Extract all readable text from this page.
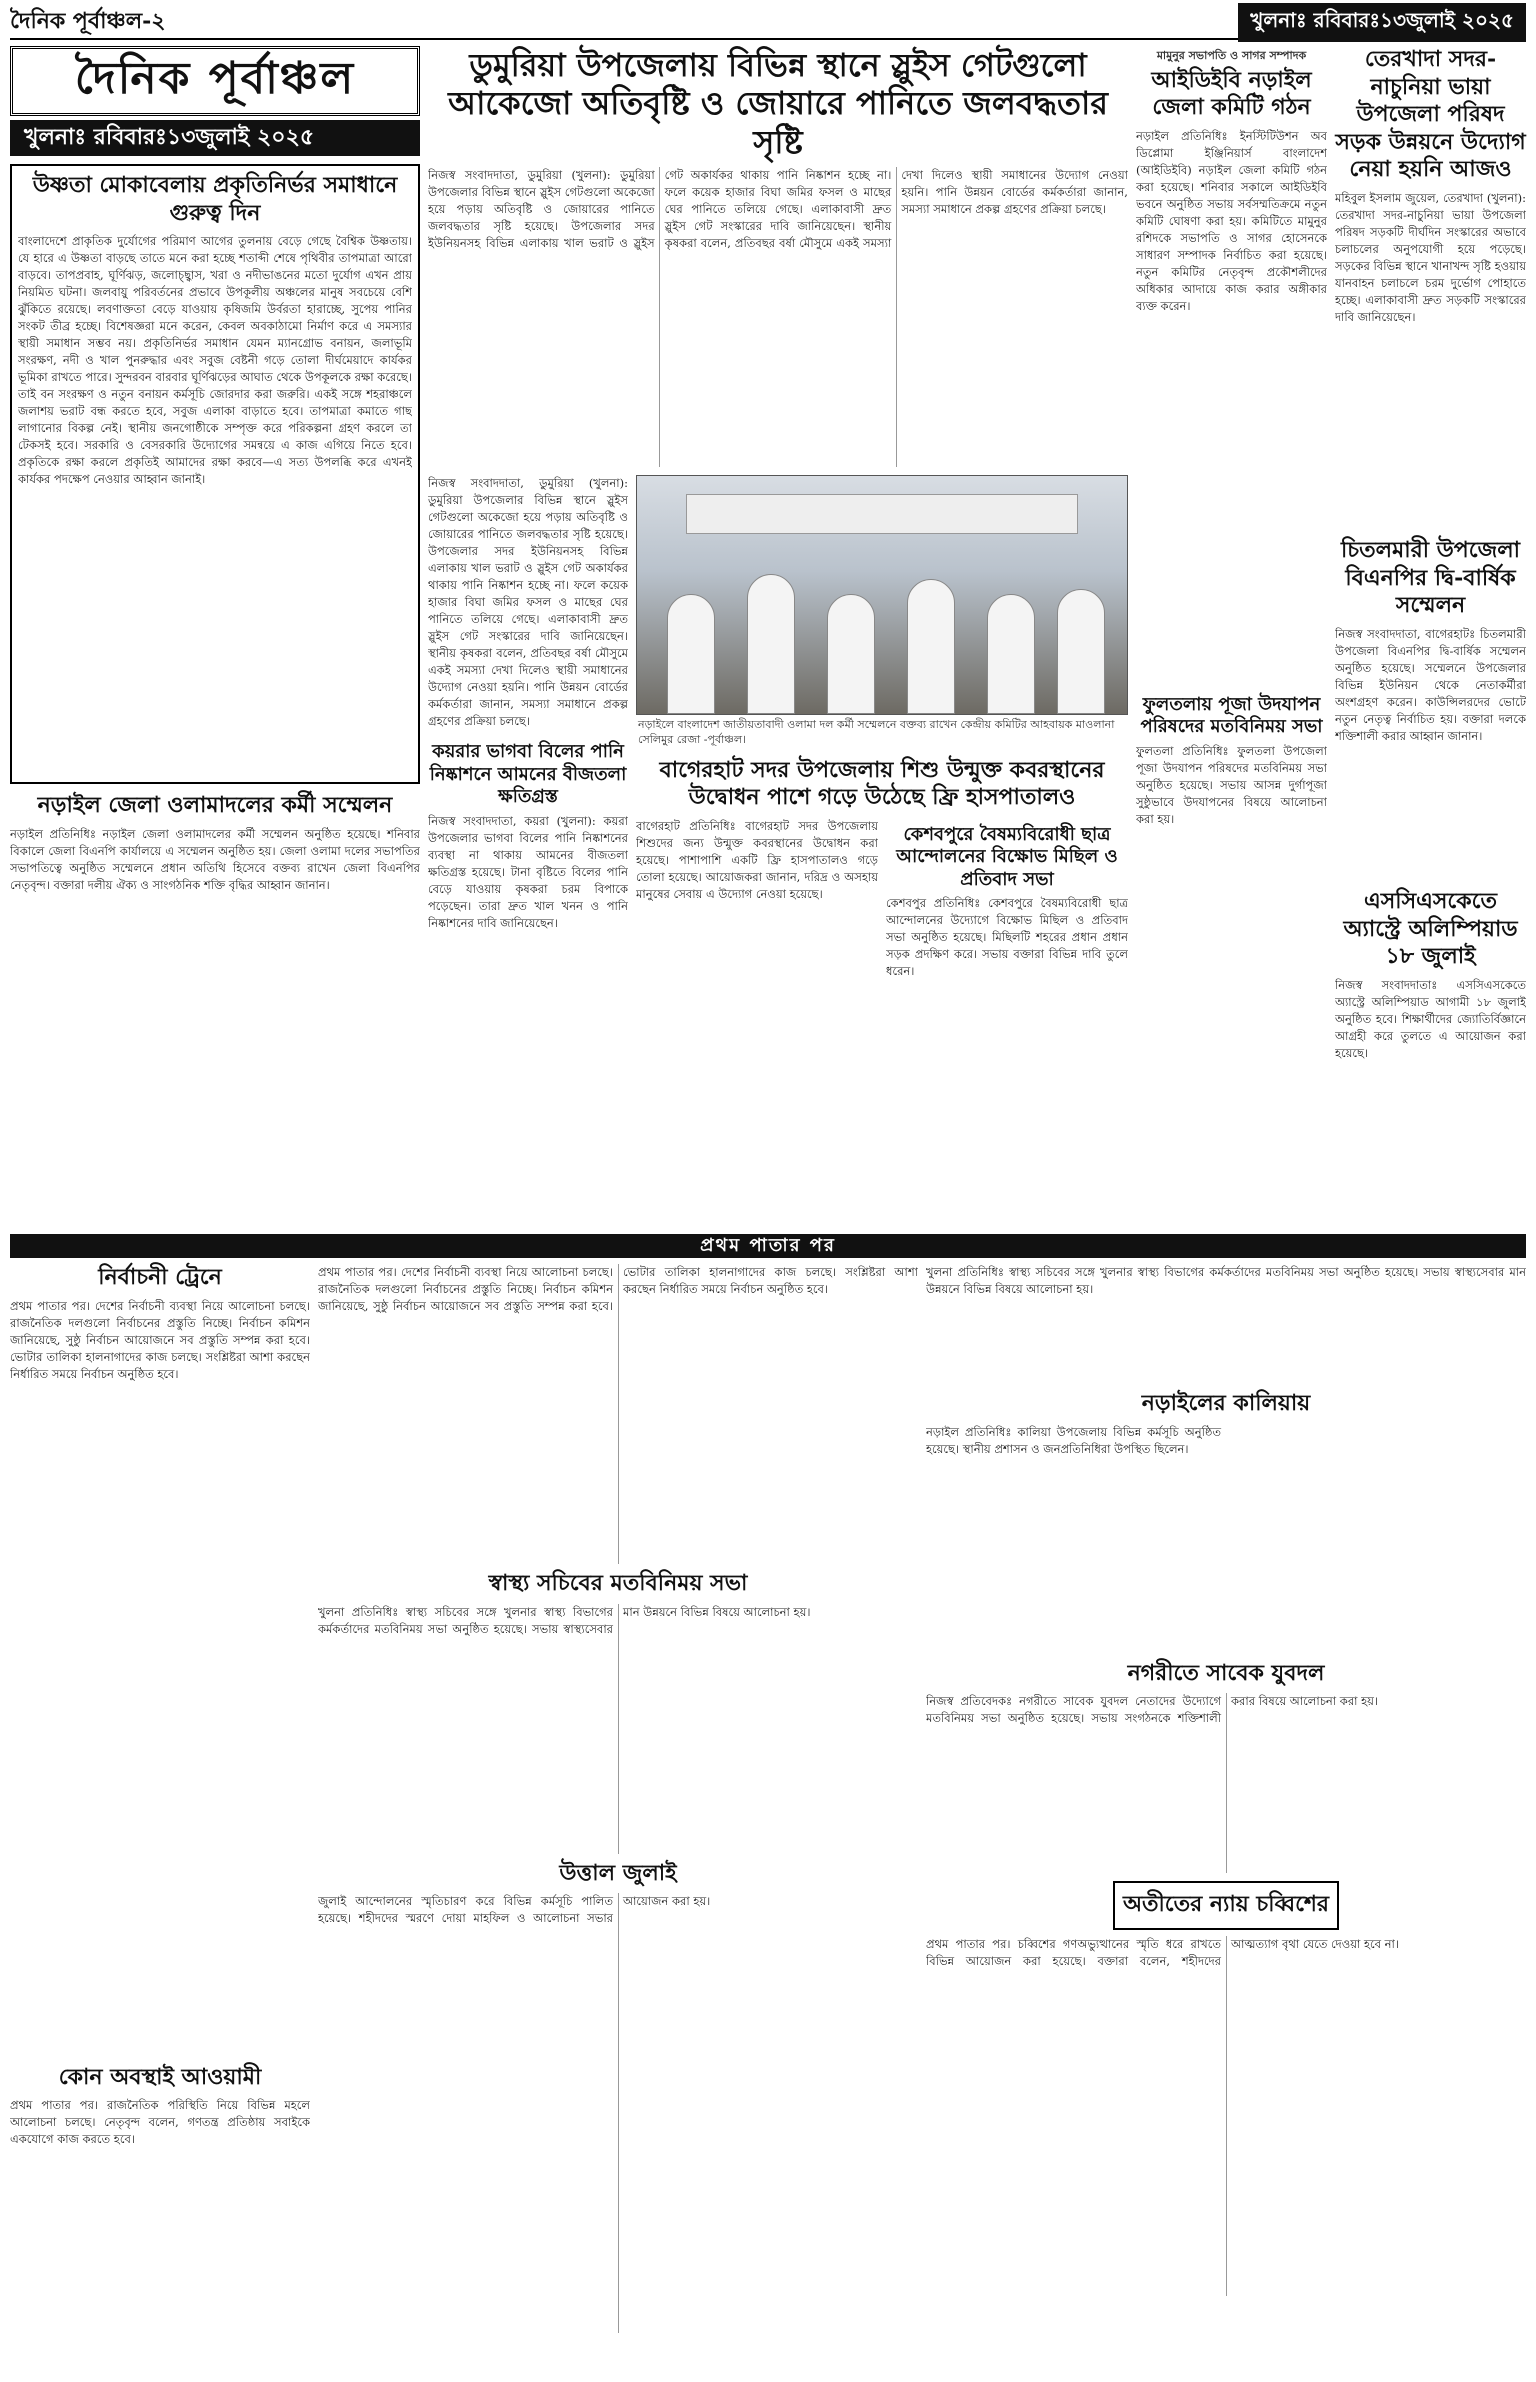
দৈনিক পূর্বাঞ্চল-২	খুলনাঃ রবিবারঃ১৩জুলাই ২০২৫
দৈনিক পূর্বাঞ্চল
খুলনাঃ রবিবারঃ১৩জুলাই ২০২৫
উষ্ণতা মোকাবেলায় প্রকৃতিনির্ভর সমাধানে গুরুত্ব দিন
বাংলাদেশে প্রাকৃতিক দুর্যোগের পরিমাণ আগের তুলনায় বেড়ে গেছে বৈশ্বিক উষ্ণতায়। যে হারে এ উষ্ণতা বাড়ছে তাতে মনে করা হচ্ছে শতাব্দী শেষে পৃথিবীর তাপমাত্রা আরো বাড়বে। তাপপ্রবাহ, ঘূর্ণিঝড়, জলোচ্ছ্বাস, খরা ও নদীভাঙনের মতো দুর্যোগ এখন প্রায় নিয়মিত ঘটনা। জলবায়ু পরিবর্তনের প্রভাবে উপকূলীয় অঞ্চলের মানুষ সবচেয়ে বেশি ঝুঁকিতে রয়েছে। লবণাক্ততা বেড়ে যাওয়ায় কৃষিজমি উর্বরতা হারাচ্ছে, সুপেয় পানির সংকট তীব্র হচ্ছে। বিশেষজ্ঞরা মনে করেন, কেবল অবকাঠামো নির্মাণ করে এ সমস্যার স্থায়ী সমাধান সম্ভব নয়। প্রকৃতিনির্ভর সমাধান যেমন ম্যানগ্রোভ বনায়ন, জলাভূমি সংরক্ষণ, নদী ও খাল পুনরুদ্ধার এবং সবুজ বেষ্টনী গড়ে তোলা দীর্ঘমেয়াদে কার্যকর ভূমিকা রাখতে পারে। সুন্দরবন বারবার ঘূর্ণিঝড়ের আঘাত থেকে উপকূলকে রক্ষা করেছে। তাই বন সংরক্ষণ ও নতুন বনায়ন কর্মসূচি জোরদার করা জরুরি। একই সঙ্গে শহরাঞ্চলে জলাশয় ভরাট বন্ধ করতে হবে, সবুজ এলাকা বাড়াতে হবে। তাপমাত্রা কমাতে গাছ লাগানোর বিকল্প নেই। স্থানীয় জনগোষ্ঠীকে সম্পৃক্ত করে পরিকল্পনা গ্রহণ করলে তা টেকসই হবে। সরকারি ও বেসরকারি উদ্যোগের সমন্বয়ে এ কাজ এগিয়ে নিতে হবে। প্রকৃতিকে রক্ষা করলে প্রকৃতিই আমাদের রক্ষা করবে—এ সত্য উপলব্ধি করে এখনই কার্যকর পদক্ষেপ নেওয়ার আহ্বান জানাই।
নড়াইল জেলা ওলামাদলের কর্মী সম্মেলন
নড়াইল প্রতিনিধিঃ নড়াইল জেলা ওলামাদলের কর্মী সম্মেলন অনুষ্ঠিত হয়েছে। শনিবার বিকালে জেলা বিএনপি কার্যালয়ে এ সম্মেলন অনুষ্ঠিত হয়। জেলা ওলামা দলের সভাপতির সভাপতিত্বে অনুষ্ঠিত সম্মেলনে প্রধান অতিথি হিসেবে বক্তব্য রাখেন জেলা বিএনপির নেতৃবৃন্দ। বক্তারা দলীয় ঐক্য ও সাংগঠনিক শক্তি বৃদ্ধির আহ্বান জানান।
ডুমুরিয়া উপজেলায় বিভিন্ন স্থানে স্লুইস গেটগুলো আকেজো অতিবৃষ্টি ও জোয়ারে পানিতে জলবদ্ধতার সৃষ্টি
নিজস্ব সংবাদদাতা, ডুমুরিয়া (খুলনা): ডুমুরিয়া উপজেলার বিভিন্ন স্থানে স্লুইস গেটগুলো অকেজো হয়ে পড়ায় অতিবৃষ্টি ও জোয়ারের পানিতে জলবদ্ধতার সৃষ্টি হয়েছে। উপজেলার সদর ইউনিয়নসহ বিভিন্ন এলাকায় খাল ভরাট ও স্লুইস গেট অকার্যকর থাকায় পানি নিষ্কাশন হচ্ছে না। ফলে কয়েক হাজার বিঘা জমির ফসল ও মাছের ঘের পানিতে তলিয়ে গেছে। এলাকাবাসী দ্রুত স্লুইস গেট সংস্কারের দাবি জানিয়েছেন। স্থানীয় কৃষকরা বলেন, প্রতিবছর বর্ষা মৌসুমে একই সমস্যা দেখা দিলেও স্থায়ী সমাধানের উদ্যোগ নেওয়া হয়নি। পানি উন্নয়ন বোর্ডের কর্মকর্তারা জানান, সমস্যা সমাধানে প্রকল্প গ্রহণের প্রক্রিয়া চলছে।
নিজস্ব সংবাদদাতা, ডুমুরিয়া (খুলনা): ডুমুরিয়া উপজেলার বিভিন্ন স্থানে স্লুইস গেটগুলো অকেজো হয়ে পড়ায় অতিবৃষ্টি ও জোয়ারের পানিতে জলবদ্ধতার সৃষ্টি হয়েছে। উপজেলার সদর ইউনিয়নসহ বিভিন্ন এলাকায় খাল ভরাট ও স্লুইস গেট অকার্যকর থাকায় পানি নিষ্কাশন হচ্ছে না। ফলে কয়েক হাজার বিঘা জমির ফসল ও মাছের ঘের পানিতে তলিয়ে গেছে। এলাকাবাসী দ্রুত স্লুইস গেট সংস্কারের দাবি জানিয়েছেন। স্থানীয় কৃষকরা বলেন, প্রতিবছর বর্ষা মৌসুমে একই সমস্যা দেখা দিলেও স্থায়ী সমাধানের উদ্যোগ নেওয়া হয়নি। পানি উন্নয়ন বোর্ডের কর্মকর্তারা জানান, সমস্যা সমাধানে প্রকল্প গ্রহণের প্রক্রিয়া চলছে।
কয়রার ভাগবা বিলের পানি নিষ্কাশনে আমনের বীজতলা ক্ষতিগ্রস্ত
নিজস্ব সংবাদদাতা, কয়রা (খুলনা): কয়রা উপজেলার ভাগবা বিলের পানি নিষ্কাশনের ব্যবস্থা না থাকায় আমনের বীজতলা ক্ষতিগ্রস্ত হয়েছে। টানা বৃষ্টিতে বিলের পানি বেড়ে যাওয়ায় কৃষকরা চরম বিপাকে পড়েছেন। তারা দ্রুত খাল খনন ও পানি নিষ্কাশনের দাবি জানিয়েছেন।
নড়াইলে বাংলাদেশ জাতীয়তাবাদী ওলামা দল কর্মী সম্মেলনে বক্তব্য রাখেন কেন্দ্রীয় কমিটির আহবায়ক মাওলানা সেলিমুর রেজা -পূর্বাঞ্চল।
বাগেরহাট সদর উপজেলায় শিশু উন্মুক্ত কবরস্থানের উদ্বোধন পাশে গড়ে উঠেছে ফ্রি হাসপাতালও
বাগেরহাট প্রতিনিধিঃ বাগেরহাট সদর উপজেলায় শিশুদের জন্য উন্মুক্ত কবরস্থানের উদ্বোধন করা হয়েছে। পাশাপাশি একটি ফ্রি হাসপাতালও গড়ে তোলা হয়েছে। আয়োজকরা জানান, দরিদ্র ও অসহায় মানুষের সেবায় এ উদ্যোগ নেওয়া হয়েছে।
কেশবপুরে বৈষম্যবিরোধী ছাত্র আন্দোলনের বিক্ষোভ মিছিল ও প্রতিবাদ সভা
কেশবপুর প্রতিনিধিঃ কেশবপুরে বৈষম্যবিরোধী ছাত্র আন্দোলনের উদ্যোগে বিক্ষোভ মিছিল ও প্রতিবাদ সভা অনুষ্ঠিত হয়েছে। মিছিলটি শহরের প্রধান প্রধান সড়ক প্রদক্ষিণ করে। সভায় বক্তারা বিভিন্ন দাবি তুলে ধরেন।
মামুনুর সভাপতি ও সাগর সম্পাদক
আইডিইবি নড়াইল জেলা কমিটি গঠন
নড়াইল প্রতিনিধিঃ ইনস্টিটিউশন অব ডিপ্লোমা ইঞ্জিনিয়ার্স বাংলাদেশ (আইডিইবি) নড়াইল জেলা কমিটি গঠন করা হয়েছে। শনিবার সকালে আইডিইবি ভবনে অনুষ্ঠিত সভায় সর্বসম্মতিক্রমে নতুন কমিটি ঘোষণা করা হয়। কমিটিতে মামুনুর রশিদকে সভাপতি ও সাগর হোসেনকে সাধারণ সম্পাদক নির্বাচিত করা হয়েছে। নতুন কমিটির নেতৃবৃন্দ প্রকৌশলীদের অধিকার আদায়ে কাজ করার অঙ্গীকার ব্যক্ত করেন।
ফুলতলায় পূজা উদযাপন পরিষদের মতবিনিময় সভা
ফুলতলা প্রতিনিধিঃ ফুলতলা উপজেলা পূজা উদযাপন পরিষদের মতবিনিময় সভা অনুষ্ঠিত হয়েছে। সভায় আসন্ন দুর্গাপূজা সুষ্ঠুভাবে উদযাপনের বিষয়ে আলোচনা করা হয়।
তেরখাদা সদর-নাচুনিয়া ভায়া উপজেলা পরিষদ সড়ক উন্নয়নে উদ্যোগ নেয়া হয়নি আজও
মহিবুল ইসলাম জুয়েল, তেরখাদা (খুলনা): তেরখাদা সদর-নাচুনিয়া ভায়া উপজেলা পরিষদ সড়কটি দীর্ঘদিন সংস্কারের অভাবে চলাচলের অনুপযোগী হয়ে পড়েছে। সড়কের বিভিন্ন স্থানে খানাখন্দ সৃষ্টি হওয়ায় যানবাহন চলাচলে চরম দুর্ভোগ পোহাতে হচ্ছে। এলাকাবাসী দ্রুত সড়কটি সংস্কারের দাবি জানিয়েছেন।
চিতলমারী উপজেলা বিএনপির দ্বি-বার্ষিক সম্মেলন
নিজস্ব সংবাদদাতা, বাগেরহাটঃ চিতলমারী উপজেলা বিএনপির দ্বি-বার্ষিক সম্মেলন অনুষ্ঠিত হয়েছে। সম্মেলনে উপজেলার বিভিন্ন ইউনিয়ন থেকে নেতাকর্মীরা অংশগ্রহণ করেন। কাউন্সিলরদের ভোটে নতুন নেতৃত্ব নির্বাচিত হয়। বক্তারা দলকে শক্তিশালী করার আহ্বান জানান।
এসসিএসকেতে অ্যাস্ট্রে অলিম্পিয়াড ১৮ জুলাই
নিজস্ব সংবাদদাতাঃ এসসিএসকেতে অ্যাস্ট্রে অলিম্পিয়াড আগামী ১৮ জুলাই অনুষ্ঠিত হবে। শিক্ষার্থীদের জ্যোতির্বিজ্ঞানে আগ্রহী করে তুলতে এ আয়োজন করা হয়েছে।
প্রথম পাতার পর
নির্বাচনী ট্রেনে
প্রথম পাতার পর। দেশের নির্বাচনী ব্যবস্থা নিয়ে আলোচনা চলছে। রাজনৈতিক দলগুলো নির্বাচনের প্রস্তুতি নিচ্ছে। নির্বাচন কমিশন জানিয়েছে, সুষ্ঠু নির্বাচন আয়োজনে সব প্রস্তুতি সম্পন্ন করা হবে। ভোটার তালিকা হালনাগাদের কাজ চলছে। সংশ্লিষ্টরা আশা করছেন নির্ধারিত সময়ে নির্বাচন অনুষ্ঠিত হবে।
কোন অবস্থাই আওয়ামী
প্রথম পাতার পর। রাজনৈতিক পরিস্থিতি নিয়ে বিভিন্ন মহলে আলোচনা চলছে। নেতৃবৃন্দ বলেন, গণতন্ত্র প্রতিষ্ঠায় সবাইকে একযোগে কাজ করতে হবে।
প্রথম পাতার পর। দেশের নির্বাচনী ব্যবস্থা নিয়ে আলোচনা চলছে। রাজনৈতিক দলগুলো নির্বাচনের প্রস্তুতি নিচ্ছে। নির্বাচন কমিশন জানিয়েছে, সুষ্ঠু নির্বাচন আয়োজনে সব প্রস্তুতি সম্পন্ন করা হবে। ভোটার তালিকা হালনাগাদের কাজ চলছে। সংশ্লিষ্টরা আশা করছেন নির্ধারিত সময়ে নির্বাচন অনুষ্ঠিত হবে।
স্বাস্থ্য সচিবের মতবিনিময় সভা
খুলনা প্রতিনিধিঃ স্বাস্থ্য সচিবের সঙ্গে খুলনার স্বাস্থ্য বিভাগের কর্মকর্তাদের মতবিনিময় সভা অনুষ্ঠিত হয়েছে। সভায় স্বাস্থ্যসেবার মান উন্নয়নে বিভিন্ন বিষয়ে আলোচনা হয়।
উত্তাল জুলাই
জুলাই আন্দোলনের স্মৃতিচারণ করে বিভিন্ন কর্মসূচি পালিত হয়েছে। শহীদদের স্মরণে দোয়া মাহফিল ও আলোচনা সভার আয়োজন করা হয়।
খুলনা প্রতিনিধিঃ স্বাস্থ্য সচিবের সঙ্গে খুলনার স্বাস্থ্য বিভাগের কর্মকর্তাদের মতবিনিময় সভা অনুষ্ঠিত হয়েছে। সভায় স্বাস্থ্যসেবার মান উন্নয়নে বিভিন্ন বিষয়ে আলোচনা হয়।
নড়াইলের কালিয়ায়
নড়াইল প্রতিনিধিঃ কালিয়া উপজেলায় বিভিন্ন কর্মসূচি অনুষ্ঠিত হয়েছে। স্থানীয় প্রশাসন ও জনপ্রতিনিধিরা উপস্থিত ছিলেন।
নগরীতে সাবেক যুবদল
নিজস্ব প্রতিবেদকঃ নগরীতে সাবেক যুবদল নেতাদের উদ্যোগে মতবিনিময় সভা অনুষ্ঠিত হয়েছে। সভায় সংগঠনকে শক্তিশালী করার বিষয়ে আলোচনা করা হয়।
অতীতের ন্যায় চব্বিশের
প্রথম পাতার পর। চব্বিশের গণঅভ্যুত্থানের স্মৃতি ধরে রাখতে বিভিন্ন আয়োজন করা হয়েছে। বক্তারা বলেন, শহীদদের আত্মত্যাগ বৃথা যেতে দেওয়া হবে না।
